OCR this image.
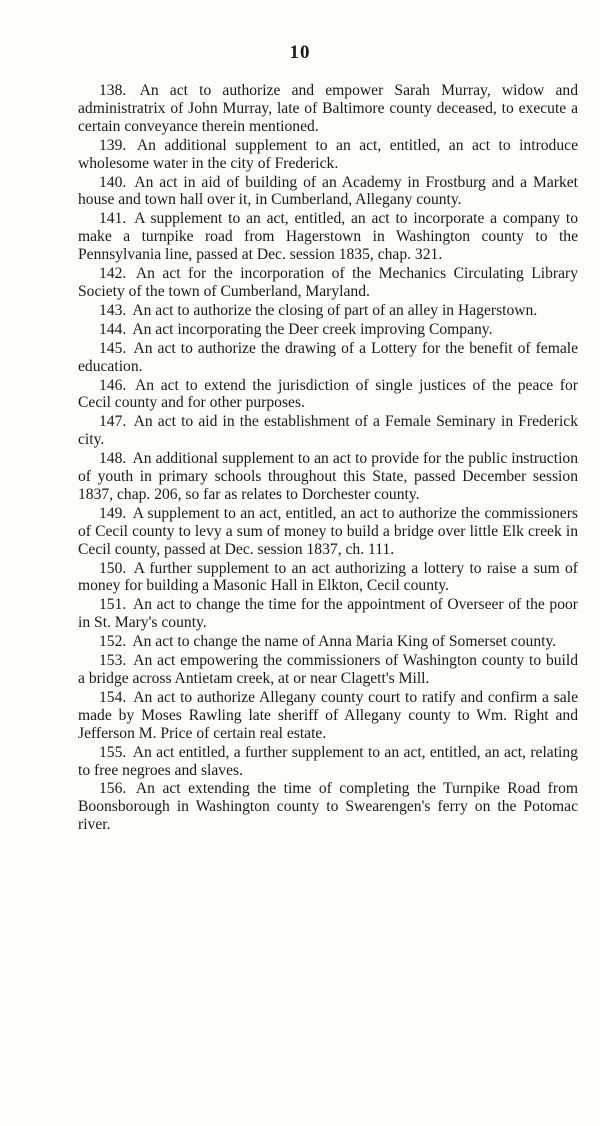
10

138. An act to authorize and empower Sarah Murray, widow and administratrix of John Murray, late of Baltimore county deceased, to execute a certain conveyance therein mentioned.

139. An additional supplement to an act, entitled, an act to introduce wholesome water in the city of Frederick.

140. An act in aid of building of an Academy in Frostburg and a Market house and town hall over it, in Cumberland, Allegany county.

141. A supplement to an act, entitled, an act to incorporate a company to make a turnpike road from Hagerstown in Washington county to the Pennsylvania line, passed at Dec. session 1835, chap. 321.

142. An act for the incorporation of the Mechanics Circulating Library Society of the town of Cumberland, Maryland.

143. An act to authorize the closing of part of an alley in Hagerstown.

144. An act incorporating the Deer creek improving Company.

145. An act to authorize the drawing of a Lottery for the benefit of female education.

146. An act to extend the jurisdiction of single justices of the peace for Cecil county and for other purposes.

147. An act to aid in the establishment of a Female Seminary in Frederick city.

148. An additional supplement to an act to provide for the public instruction of youth in primary schools throughout this State, passed December session 1837, chap. 206, so far as relates to Dorchester county.

149. A supplement to an act, entitled, an act to authorize the commissioners of Cecil county to levy a sum of money to build a bridge over little Elk creek in Cecil county, passed at Dec. session 1837, ch. 111.

150. A further supplement to an act authorizing a lottery to raise a sum of money for building a Masonic Hall in Elkton, Cecil county.

151. An act to change the time for the appointment of Overseer of the poor in St. Mary's county.

152. An act to change the name of Anna Maria King of Somerset county.

153. An act empowering the commissioners of Washington county to build a bridge across Antietam creek, at or near Clagett's Mill.

154. An act to authorize Allegany county court to ratify and confirm a sale made by Moses Rawling late sheriff of Allegany county to Wm. Right and Jefferson M. Price of certain real estate.

155. An act entitled, a further supplement to an act, entitled, an act, relating to free negroes and slaves.

156. An act extending the time of completing the Turnpike Road from Boonsborough in Washington county to Swearengen's ferry on the Potomac river.
